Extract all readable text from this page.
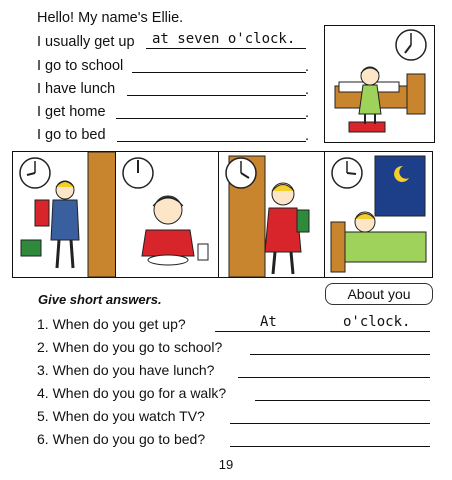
Hello! My name's Ellie.
I usually get up at seven o'clock.
I go to school	.
I have lunch	.
I get home	.
I go to bed	.
Give short answers.	About you
1. When do you get up?	At	o'clock.
2. When do you go to school?
3. When do you have lunch?
4. When do you go for a walk?
5. When do you watch TV?
6. When do you go to bed?
19
